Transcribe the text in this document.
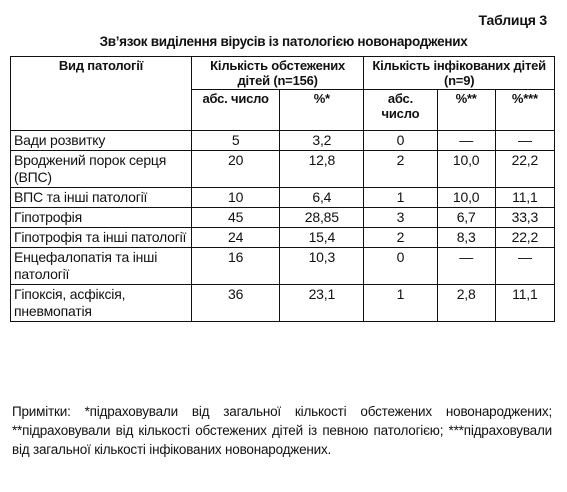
Таблиця 3
Зв’язок виділення вірусів із патологією новонароджених
Вид патології	Кількість обстежених дітей (n=156)		Кількість інфікованих дітей (n=9)		
	абс. число	%*	абс. число	%**	%***
Вади розвитку	5	3,2	0	—	—
Вроджений порок серця (ВПС)	20	12,8	2	10,0	22,2
ВПС та інші патології	10	6,4	1	10,0	11,1
Гіпотрофія	45	28,85	3	6,7	33,3
Гіпотрофія та інші патології	24	15,4	2	8,3	22,2
Енцефалопатія та інші патології	16	10,3	0	—	—
Гіпоксія, асфіксія, пневмопатія	36	23,1	1	2,8	11,1
Примітки: *підраховували від загальної кількості обстежених новонароджених; **підраховували від кількості обстежених дітей із певною патологією; ***підраховували від загальної кількості інфікованих новонароджених.
